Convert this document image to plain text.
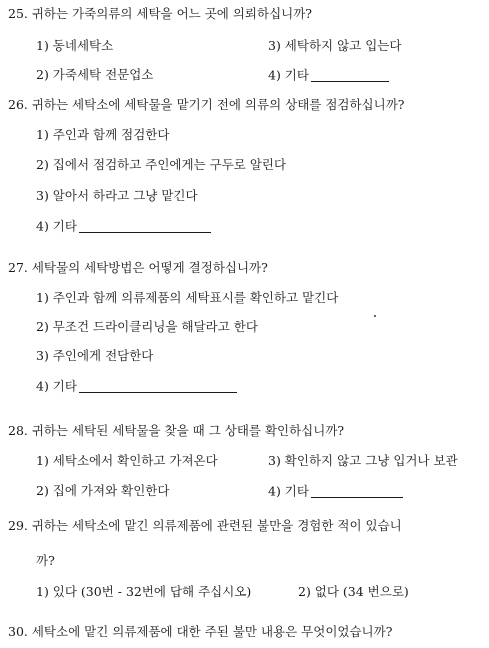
25. 귀하는 가죽의류의 세탁을 어느 곳에 의뢰하십니까?
1) 동네세탁소	3) 세탁하지 않고 입는다
2) 가죽세탁 전문업소	4) 기타
26. 귀하는 세탁소에 세탁물을 맡기기 전에 의류의 상태를 점검하십니까?
1) 주인과 함께 점검한다
2) 집에서 점검하고 주인에게는 구두로 알린다
3) 알아서 하라고 그냥 맡긴다
4) 기타
27. 세탁물의 세탁방법은 어떻게 결정하십니까?
1) 주인과 함께 의류제품의 세탁표시를 확인하고 맡긴다
2) 무조건 드라이클리닝을 해달라고 한다
3) 주인에게 전담한다
4) 기타
28. 귀하는 세탁된 세탁물을 찾을 때 그 상태를 확인하십니까?
1) 세탁소에서 확인하고 가져온다	3) 확인하지 않고 그냥 입거나 보관
2) 집에 가져와 확인한다	4) 기타
29. 귀하는 세탁소에 맡긴 의류제품에 관련된 불만을 경험한 적이 있습니
까?
1) 있다 (30번 - 32번에 답해 주십시오)	2) 없다 (34 번으로)
30. 세탁소에 맡긴 의류제품에 대한 주된 불만 내용은 무엇이었습니까?
